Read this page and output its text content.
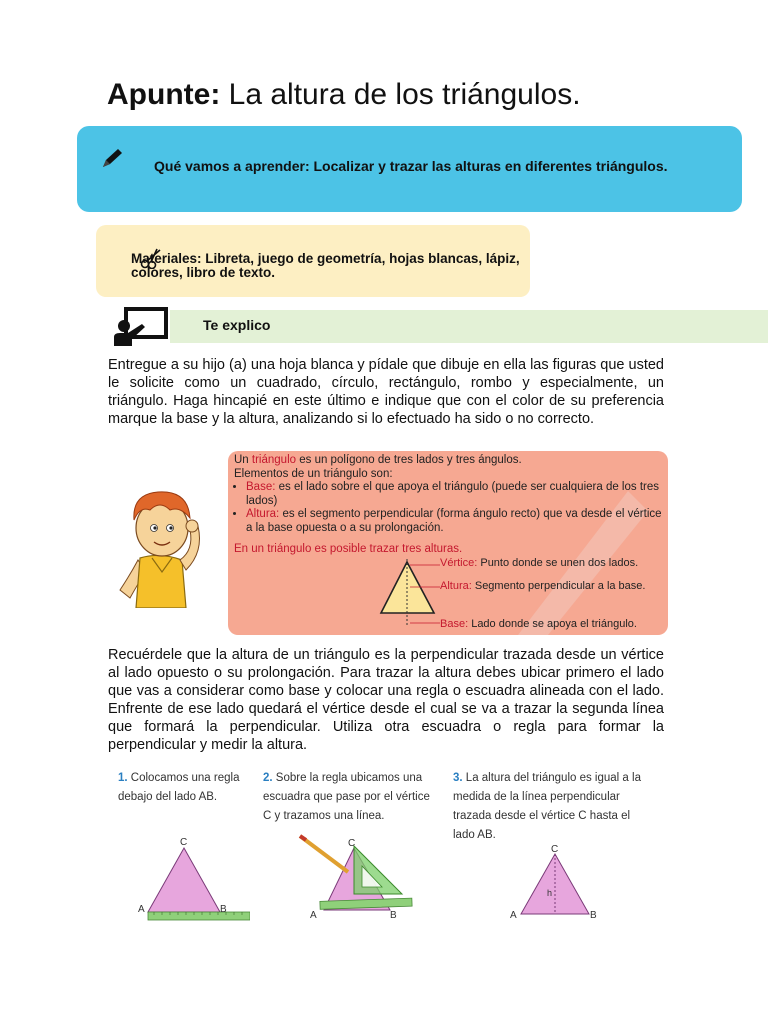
Apunte: La altura de los triángulos.
Qué vamos a aprender: Localizar y trazar las alturas en diferentes triángulos.
Materiales: Libreta, juego de geometría, hojas blancas, lápiz, colores, libro de texto.
Te explico
Entregue a su hijo (a) una hoja blanca y pídale que dibuje en ella las figuras que usted le solicite como un cuadrado, círculo, rectángulo, rombo y especialmente, un triángulo. Haga hincapié en este último e indique que con el color de su preferencia marque la base y la altura, analizando si lo efectuado ha sido o no correcto.
Un triángulo es un polígono de tres lados y tres ángulos.
Elementos de un triángulo son:
• Base: es el lado sobre el que apoya el triángulo (puede ser cualquiera de los tres lados)
• Altura: es el segmento perpendicular (forma ángulo recto) que va desde el vértice a la base opuesta o a su prolongación.
En un triángulo es posible trazar tres alturas.
Vértice: Punto donde se unen dos lados.
Altura: Segmento perpendicular a la base.
Base: Lado donde se apoya el triángulo.
Recuérdele que la altura de un triángulo es la perpendicular trazada desde un vértice al lado opuesto o su prolongación. Para trazar la altura debes ubicar primero el lado que vas a considerar como base y colocar una regla o escuadra alineada con el lado. Enfrente de ese lado quedará el vértice desde el cual se va a trazar la segunda línea que formará la perpendicular. Utiliza otra escuadra o regla para formar la perpendicular y medir la altura.
1. Colocamos una regla debajo del lado AB.
2. Sobre la regla ubicamos una escuadra que pase por el vértice C y trazamos una línea.
3. La altura del triángulo es igual a la medida de la línea perpendicular trazada desde el vértice C hasta el lado AB.
C
A	B
C
A	B
C
h
A	B
